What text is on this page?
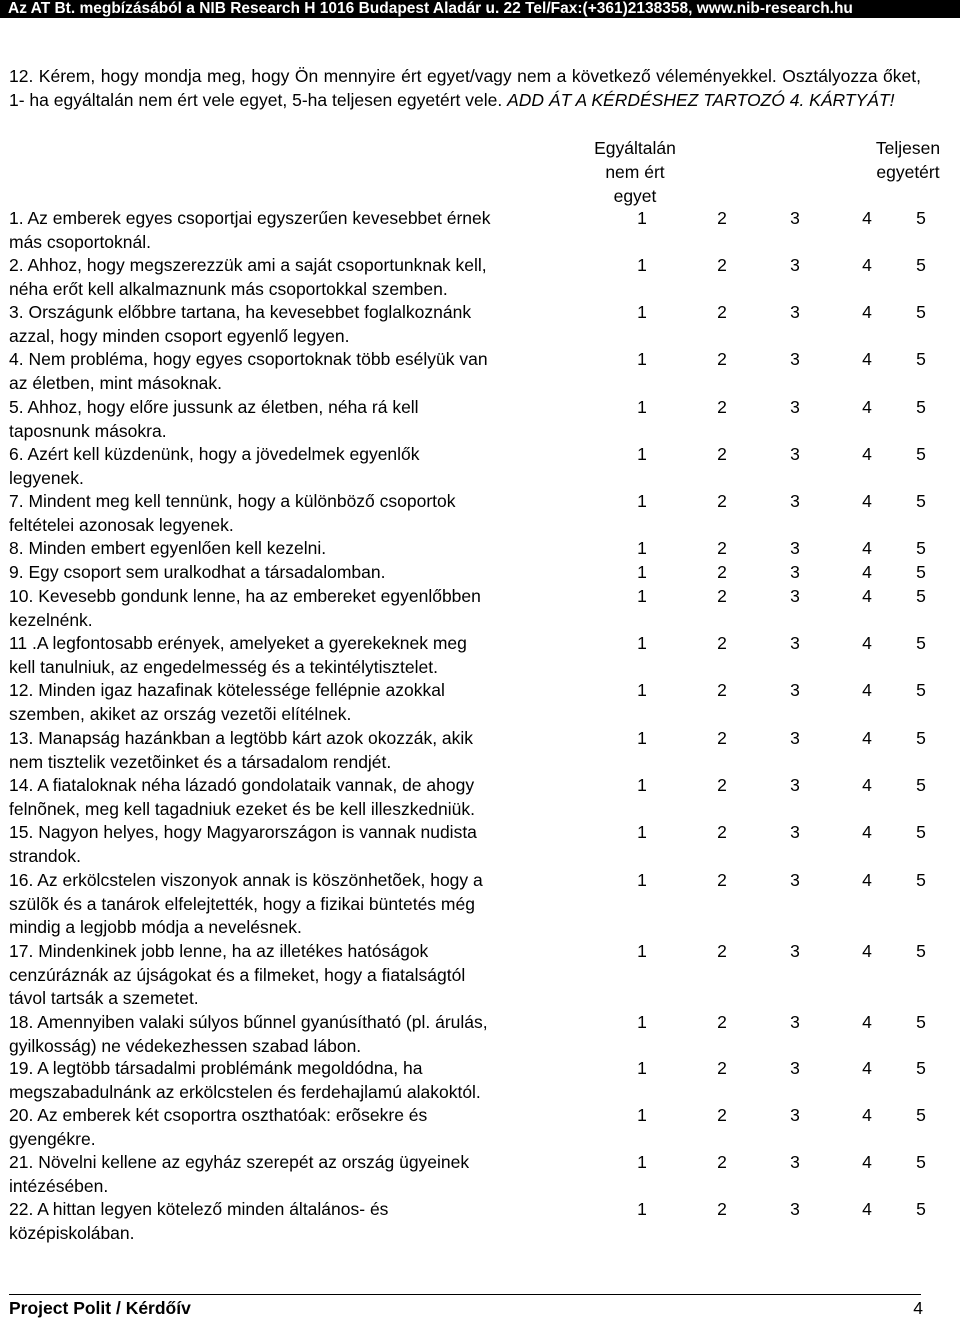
Az AT Bt. megbízásából a NIB Research H 1016 Budapest Aladár u. 22 Tel/Fax:(+361)2138358, www.nib-research.hu
12. Kérem, hogy mondja meg, hogy Ön mennyire ért egyet/vagy nem a következő véleményekkel. Osztályozza őket, 1- ha egyáltalán nem ért vele egyet, 5-ha teljesen egyetért vele. ADD ÁT A KÉRDÉSHEZ TARTOZÓ 4. KÁRTYÁT!
Egyáltalán
nem ért
egyet
Teljesen
egyetért
1. Az emberek egyes csoportjai egyszerűen kevesebbet érnek
más csoportoknál.
1	2	3	4	5
2. Ahhoz, hogy megszerezzük ami a saját csoportunknak kell,
néha erőt kell alkalmaznunk más csoportokkal szemben.
1	2	3	4	5
3. Országunk előbbre tartana, ha kevesebbet foglalkoznánk
azzal, hogy minden csoport egyenlő legyen.
1	2	3	4	5
4. Nem probléma, hogy egyes csoportoknak több esélyük van
az életben, mint másoknak.
1	2	3	4	5
5. Ahhoz, hogy előre jussunk az életben, néha rá kell
taposnunk másokra.
1	2	3	4	5
6. Azért kell küzdenünk, hogy a jövedelmek egyenlők
legyenek.
1	2	3	4	5
7. Mindent meg kell tennünk, hogy a különböző csoportok
feltételei azonosak legyenek.
1	2	3	4	5
8. Minden embert egyenlően kell kezelni.	1	2	3	4	5
9. Egy csoport sem uralkodhat a társadalomban.	1	2	3	4	5
10. Kevesebb gondunk lenne, ha az embereket egyenlőbben
kezelnénk.
1	2	3	4	5
11 .A legfontosabb erények, amelyeket a gyerekeknek meg
kell tanulniuk, az engedelmesség és a tekintélytisztelet.
1	2	3	4	5
12. Minden igaz hazafinak kötelessége fellépnie azokkal
szemben, akiket az ország vezetõi elítélnek.
1	2	3	4	5
13. Manapság hazánkban a legtöbb kárt azok okozzák, akik
nem tisztelik vezetõinket és a társadalom rendjét.
1	2	3	4	5
14. A fiataloknak néha lázadó gondolataik vannak, de ahogy
felnõnek, meg kell tagadniuk ezeket és be kell illeszkedniük.
1	2	3	4	5
15. Nagyon helyes, hogy Magyarországon is vannak nudista
strandok.
1	2	3	4	5
16. Az erkölcstelen viszonyok annak is köszönhetõek, hogy a
szülõk és a tanárok elfelejtették, hogy a fizikai büntetés még
mindig a legjobb módja a nevelésnek.
1	2	3	4	5
17. Mindenkinek jobb lenne, ha az illetékes hatóságok
cenzúráznák az újságokat és a filmeket, hogy a fiatalságtól
távol tartsák a szemetet.
1	2	3	4	5
18. Amennyiben valaki súlyos bűnnel gyanúsítható (pl. árulás,
gyilkosság) ne védekezhessen szabad lábon.
1	2	3	4	5
19. A legtöbb társadalmi problémánk megoldódna, ha
megszabadulnánk az erkölcstelen és ferdehajlamú alakoktól.
1	2	3	4	5
20. Az emberek két csoportra oszthatóak: erõsekre és
gyengékre.
1	2	3	4	5
21. Növelni kellene az egyház szerepét az ország ügyeinek
intézésében.
1	2	3	4	5
22. A hittan legyen kötelező minden általános- és
középiskolában.
1	2	3	4	5
Project Polit / Kérdőív	4
